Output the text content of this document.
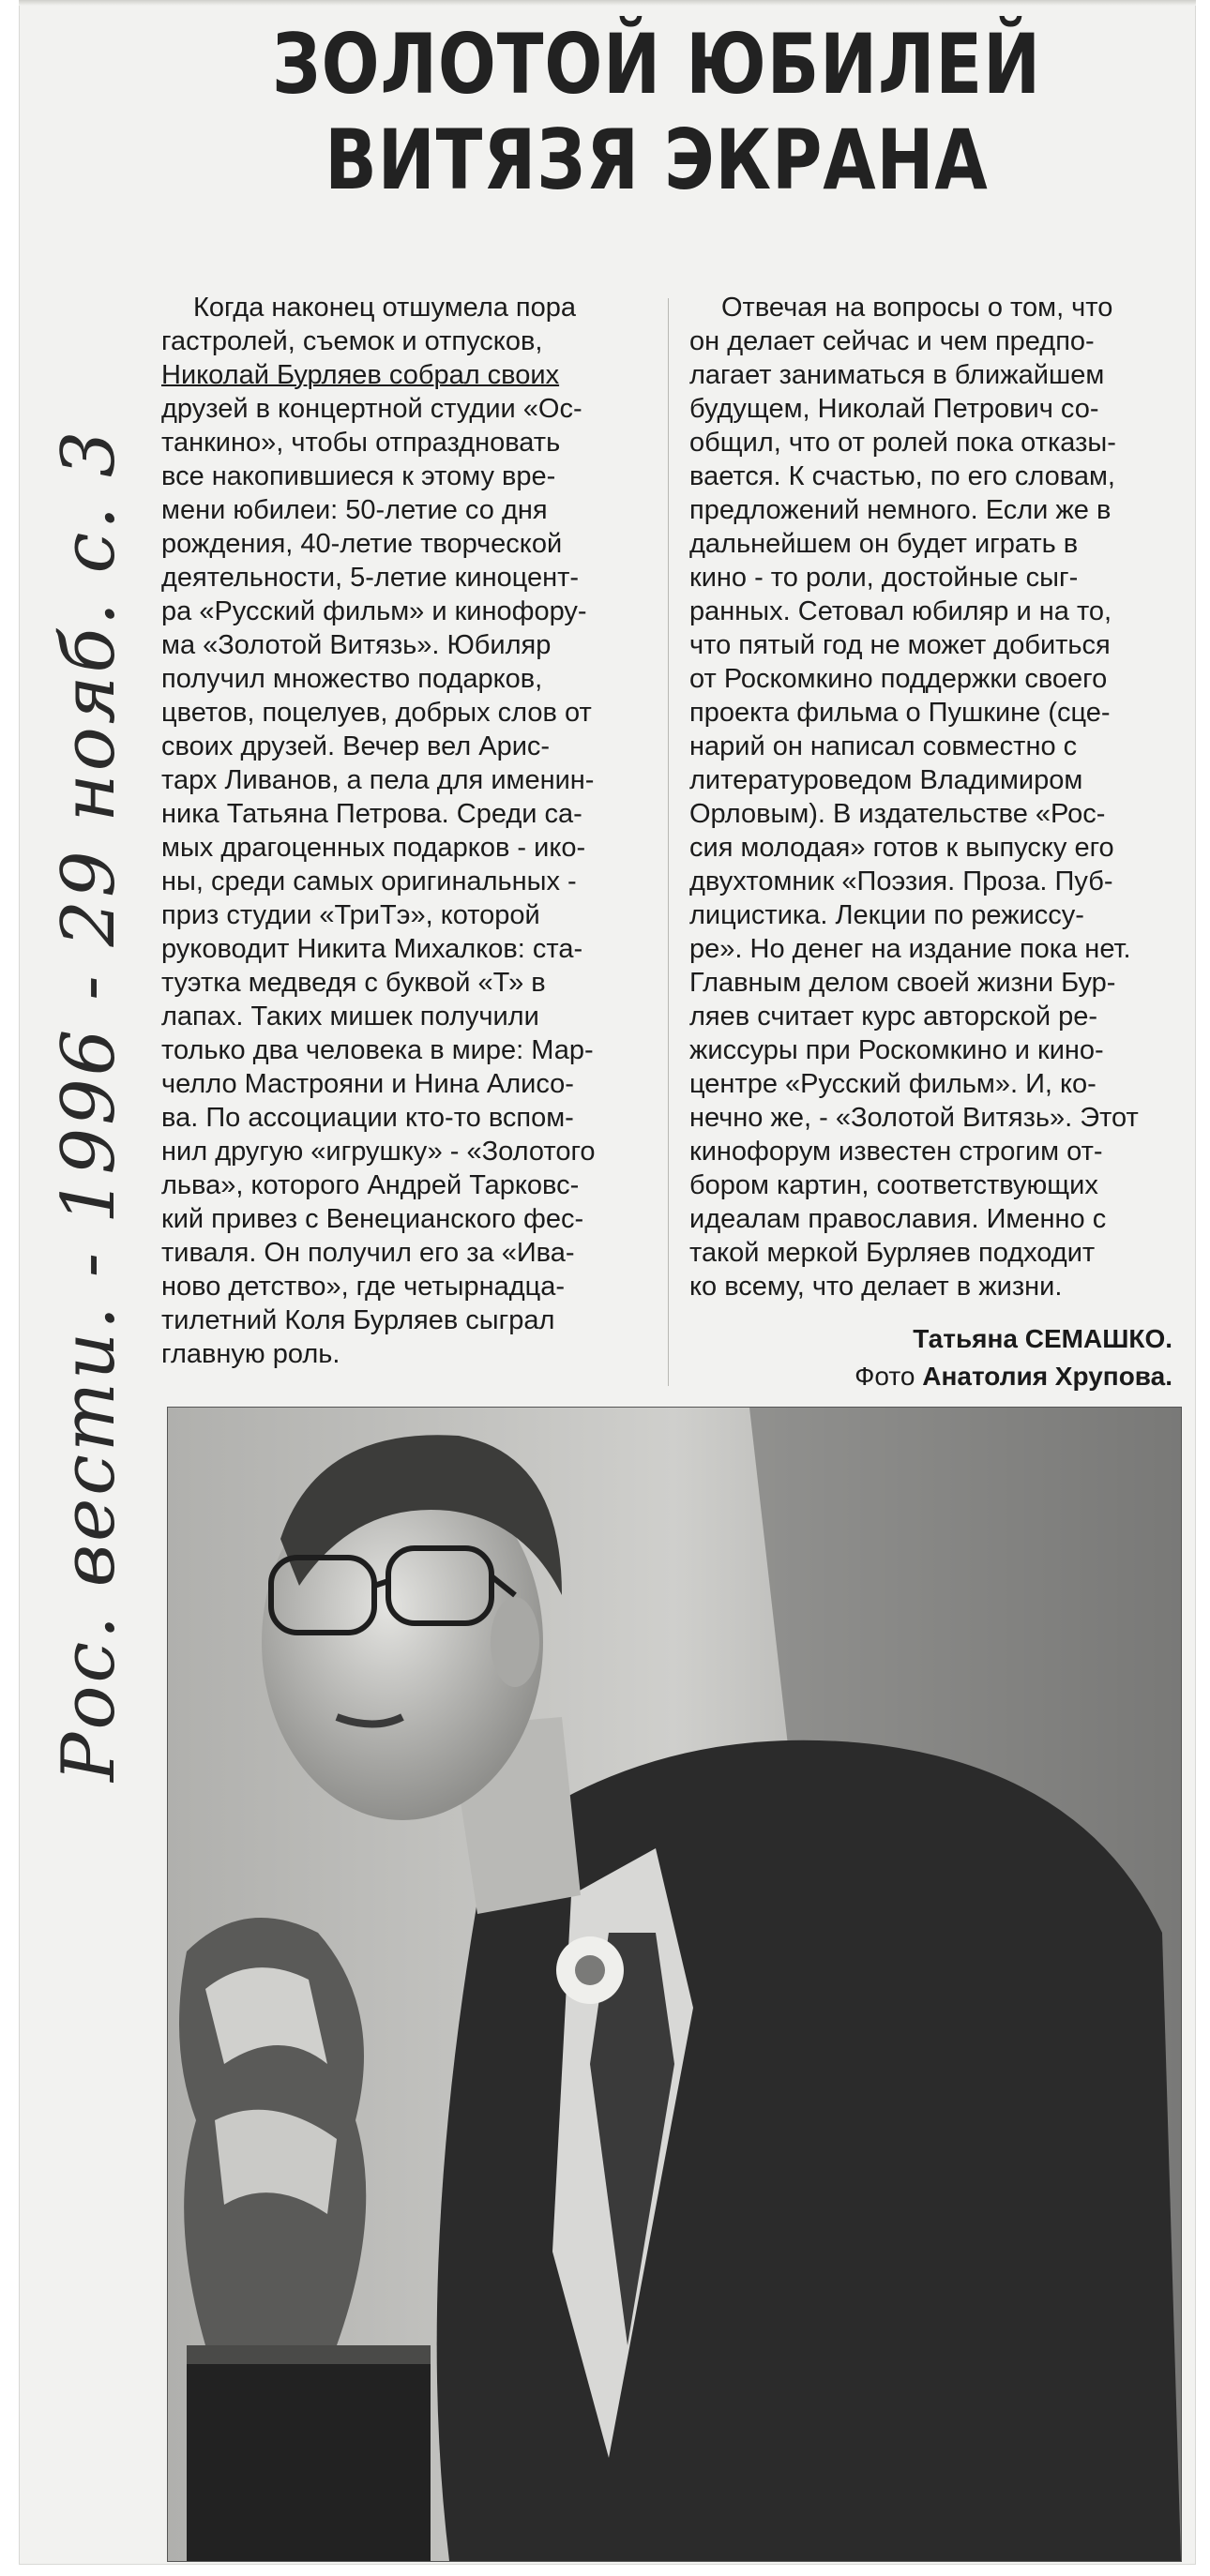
ЗОЛОТОЙ ЮБИЛЕЙ
ВИТЯЗЯ ЭКРАНА
Когда наконец отшумела пора
гастролей, съемок и отпусков,
Николай Бурляев собрал своих
друзей в концертной студии «Ос-
танкино», чтобы отпраздновать
все накопившиеся к этому вре-
мени юбилеи: 50-летие со дня
рождения, 40-летие творческой
деятельности, 5-летие киноцент-
ра «Русский фильм» и кинофору-
ма «Золотой Витязь». Юбиляр
получил множество подарков,
цветов, поцелуев, добрых слов от
своих друзей. Вечер вел Арис-
тарх Ливанов, а пела для именин-
ника Татьяна Петрова. Среди са-
мых драгоценных подарков - ико-
ны, среди самых оригинальных -
приз студии «ТриТэ», которой
руководит Никита Михалков: ста-
туэтка медведя с буквой «Т» в
лапах. Таких мишек получили
только два человека в мире: Мар-
челло Мастрояни и Нина Алисо-
ва. По ассоциации кто-то вспом-
нил другую «игрушку» - «Золотого
льва», которого Андрей Тарковс-
кий привез с Венецианского фес-
тиваля. Он получил его за «Ива-
ново детство», где четырнадца-
тилетний Коля Бурляев сыграл
главную роль.
Отвечая на вопросы о том, что
он делает сейчас и чем предпо-
лагает заниматься в ближайшем
будущем, Николай Петрович со-
общил, что от ролей пока отказы-
вается. К счастью, по его словам,
предложений немного. Если же в
дальнейшем он будет играть в
кино - то роли, достойные сыг-
ранных. Сетовал юбиляр и на то,
что пятый год не может добиться
от Роскомкино поддержки своего
проекта фильма о Пушкине (сце-
нарий он написал совместно с
литературоведом Владимиром
Орловым). В издательстве «Рос-
сия молодая» готов к выпуску его
двухтомник «Поэзия. Проза. Пуб-
лицистика. Лекции по режиссу-
ре». Но денег на издание пока нет.
Главным делом своей жизни Бур-
ляев считает курс авторской ре-
жиссуры при Роскомкино и кино-
центре «Русский фильм». И, ко-
нечно же, - «Золотой Витязь». Этот
кинофорум известен строгим от-
бором картин, соответствующих
идеалам православия. Именно с
такой меркой Бурляев подходит
ко всему, что делает в жизни.
Татьяна СЕМАШКО.
Фото Анатолия Хрупова.
Рос. вести. - 1996 - 29 нояб. с. 3
